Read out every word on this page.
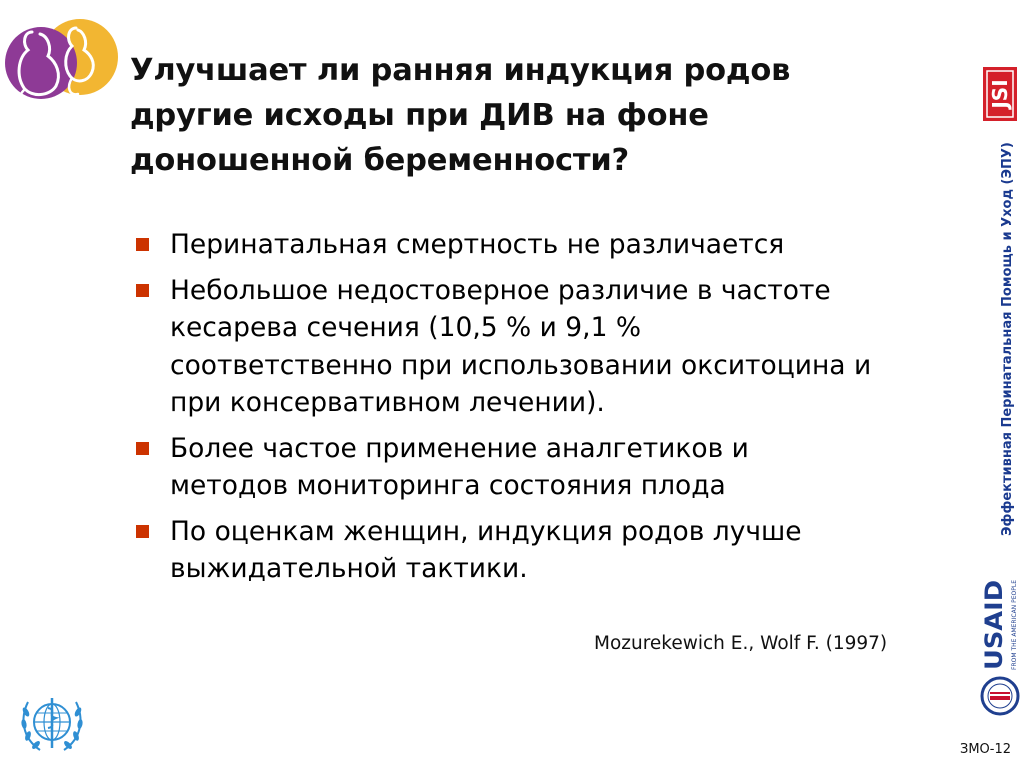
Улучшает ли ранняя индукция родов
другие исходы при ДИВ на фоне
доношенной беременности?
Перинатальная смертность не различается
Небольшое недостоверное различие в частоте
кесарева сечения (10,5 % и 9,1 %
соответственно при использовании окситоцина и
при консервативном лечении).
Более частое применение аналгетиков и
методов мониторинга состояния плода
По оценкам женщин, индукция родов лучше
выжидательной тактики.
Mozurekewich E., Wolf F. (1997)
JSI
Эффективная Перинатальная Помощь и Уход (ЭПУ)
USAID FROM THE AMERICAN PEOPLE
ЗМО-12
